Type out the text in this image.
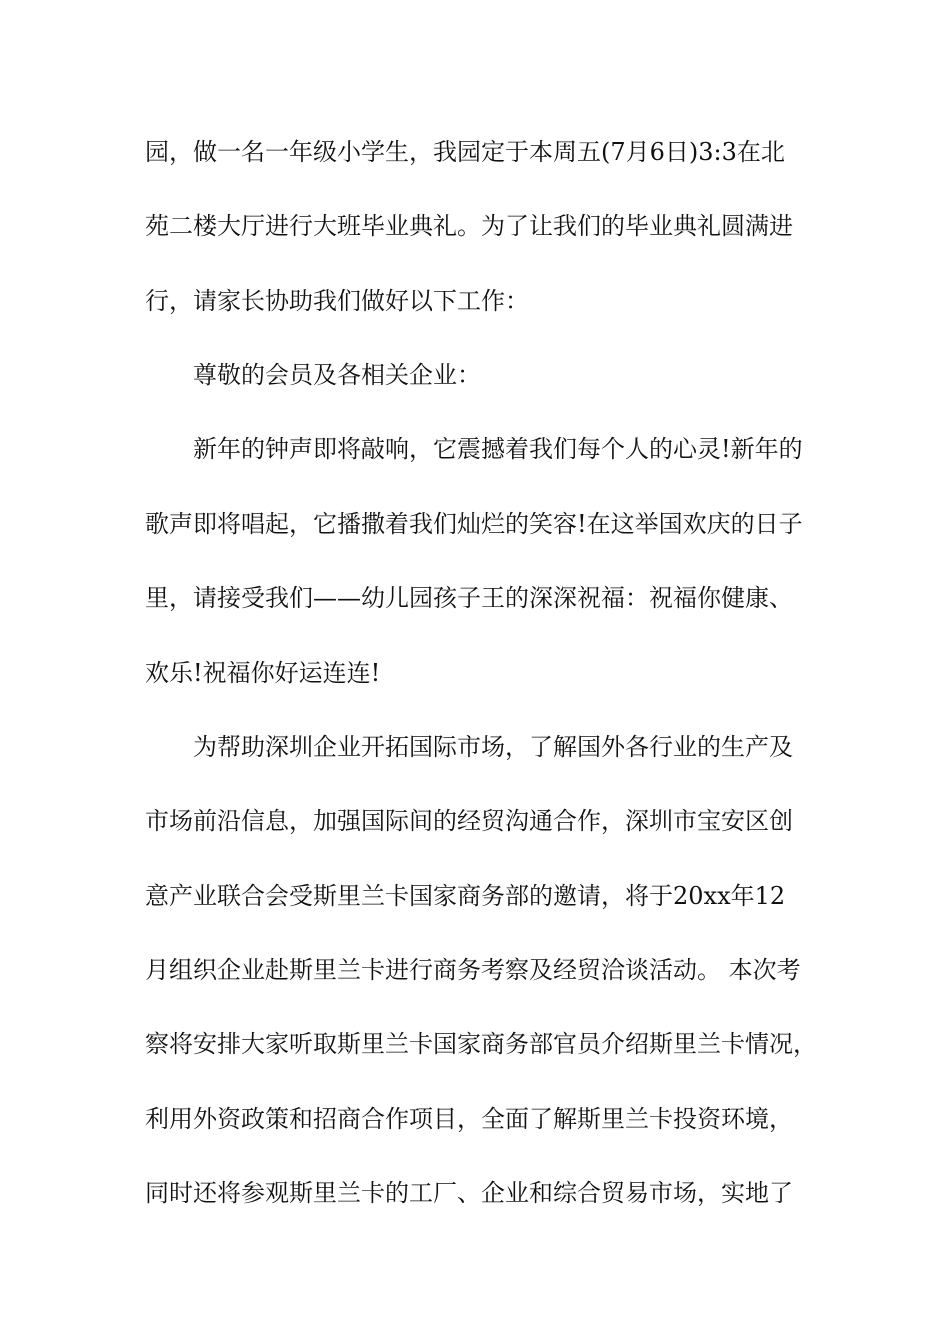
园，做一名一年级小学生，我园定于本周五(7月6日)3:3在北
苑二楼大厅进行大班毕业典礼。为了让我们的毕业典礼圆满进
行，请家长协助我们做好以下工作：
尊敬的会员及各相关企业：
新年的钟声即将敲响，它震撼着我们每个人的心灵!新年的
歌声即将唱起，它播撒着我们灿烂的笑容!在这举国欢庆的日子
里，请接受我们——幼儿园孩子王的深深祝福：祝福你健康、
欢乐!祝福你好运连连!
为帮助深圳企业开拓国际市场，了解国外各行业的生产及
市场前沿信息，加强国际间的经贸沟通合作，深圳市宝安区创
意产业联合会受斯里兰卡国家商务部的邀请，将于20xx年12
月组织企业赴斯里兰卡进行商务考察及经贸洽谈活动。 本次考
察将安排大家听取斯里兰卡国家商务部官员介绍斯里兰卡情况，
利用外资政策和招商合作项目，全面了解斯里兰卡投资环境，
同时还将参观斯里兰卡的工厂、企业和综合贸易市场，实地了
